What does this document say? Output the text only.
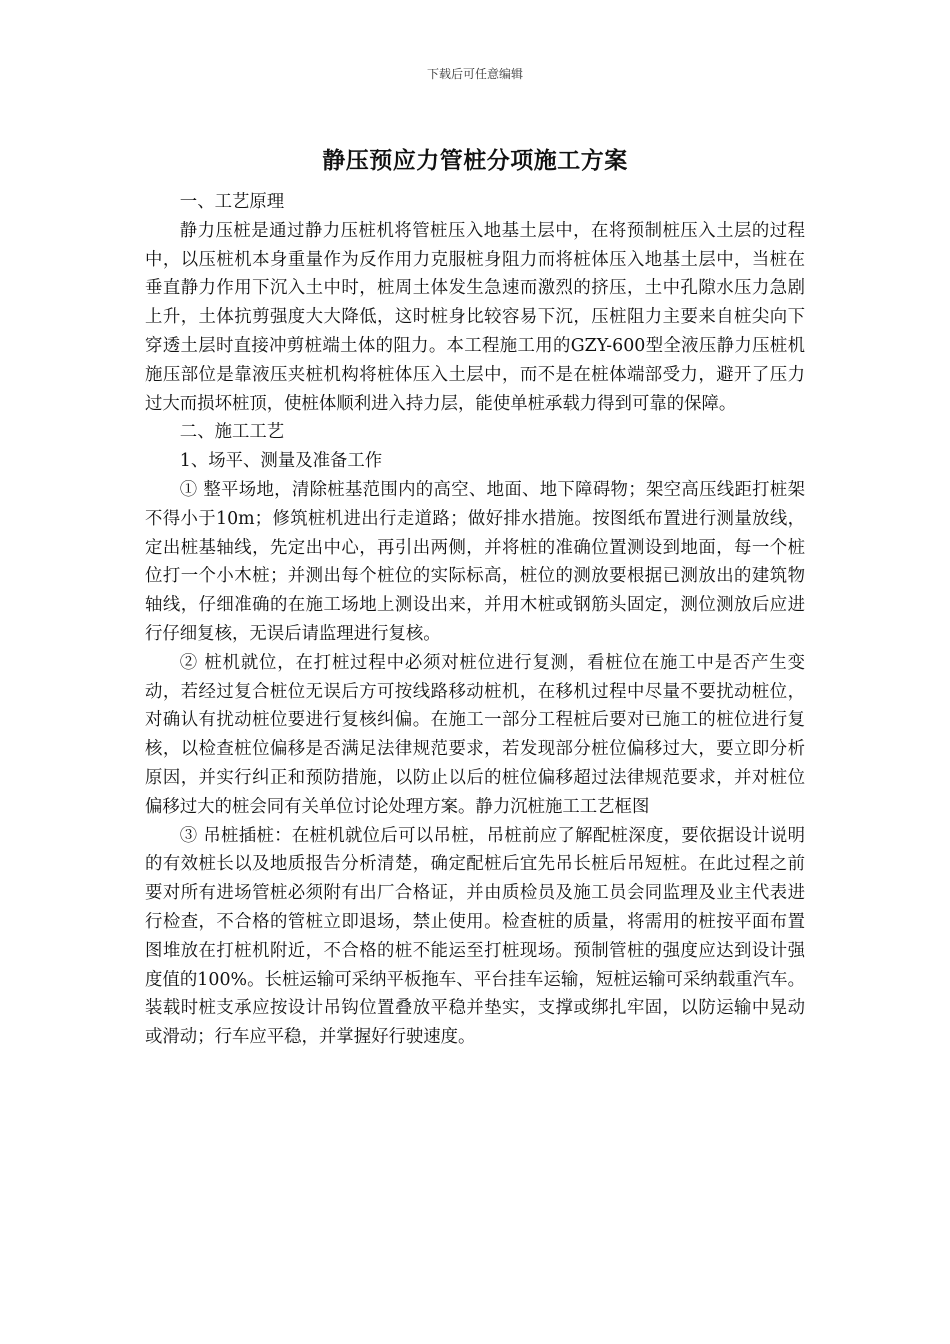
下载后可任意编辑
静压预应力管桩分项施工方案

一、工艺原理

静力压桩是通过静力压桩机将管桩压入地基土层中，在将预制桩压入土层的过程中，以压桩机本身重量作为反作用力克服桩身阻力而将桩体压入地基土层中，当桩在垂直静力作用下沉入土中时，桩周土体发生急速而激烈的挤压，土中孔隙水压力急剧上升，土体抗剪强度大大降低，这时桩身比较容易下沉，压桩阻力主要来自桩尖向下穿透土层时直接冲剪桩端土体的阻力。本工程施工用的GZY-600型全液压静力压桩机施压部位是靠液压夹桩机构将桩体压入土层中，而不是在桩体端部受力，避开了压力过大而损坏桩顶，使桩体顺利进入持力层，能使单桩承载力得到可靠的保障。

二、施工工艺

1、场平、测量及准备工作

① 整平场地，清除桩基范围内的高空、地面、地下障碍物；架空高压线距打桩架不得小于10m；修筑桩机进出行走道路；做好排水措施。按图纸布置进行测量放线，定出桩基轴线，先定出中心，再引出两侧，并将桩的准确位置测设到地面，每一个桩位打一个小木桩；并测出每个桩位的实际标高，桩位的测放要根据已测放出的建筑物轴线，仔细准确的在施工场地上测设出来，并用木桩或钢筋头固定，测位测放后应进行仔细复核，无误后请监理进行复核。

② 桩机就位，在打桩过程中必须对桩位进行复测，看桩位在施工中是否产生变动，若经过复合桩位无误后方可按线路移动桩机，在移机过程中尽量不要扰动桩位，对确认有扰动桩位要进行复核纠偏。在施工一部分工程桩后要对已施工的桩位进行复核，以检查桩位偏移是否满足法律规范要求，若发现部分桩位偏移过大，要立即分析原因，并实行纠正和预防措施，以防止以后的桩位偏移超过法律规范要求，并对桩位偏移过大的桩会同有关单位讨论处理方案。静力沉桩施工工艺框图

③ 吊桩插桩：在桩机就位后可以吊桩，吊桩前应了解配桩深度，要依据设计说明的有效桩长以及地质报告分析清楚，确定配桩后宜先吊长桩后吊短桩。在此过程之前要对所有进场管桩必须附有出厂合格证，并由质检员及施工员会同监理及业主代表进行检查，不合格的管桩立即退场，禁止使用。检查桩的质量，将需用的桩按平面布置图堆放在打桩机附近，不合格的桩不能运至打桩现场。预制管桩的强度应达到设计强度值的100%。长桩运输可采纳平板拖车、平台挂车运输，短桩运输可采纳载重汽车。装载时桩支承应按设计吊钩位置叠放平稳并垫实，支撑或绑扎牢固，以防运输中晃动或滑动；行车应平稳，并掌握好行驶速度。
